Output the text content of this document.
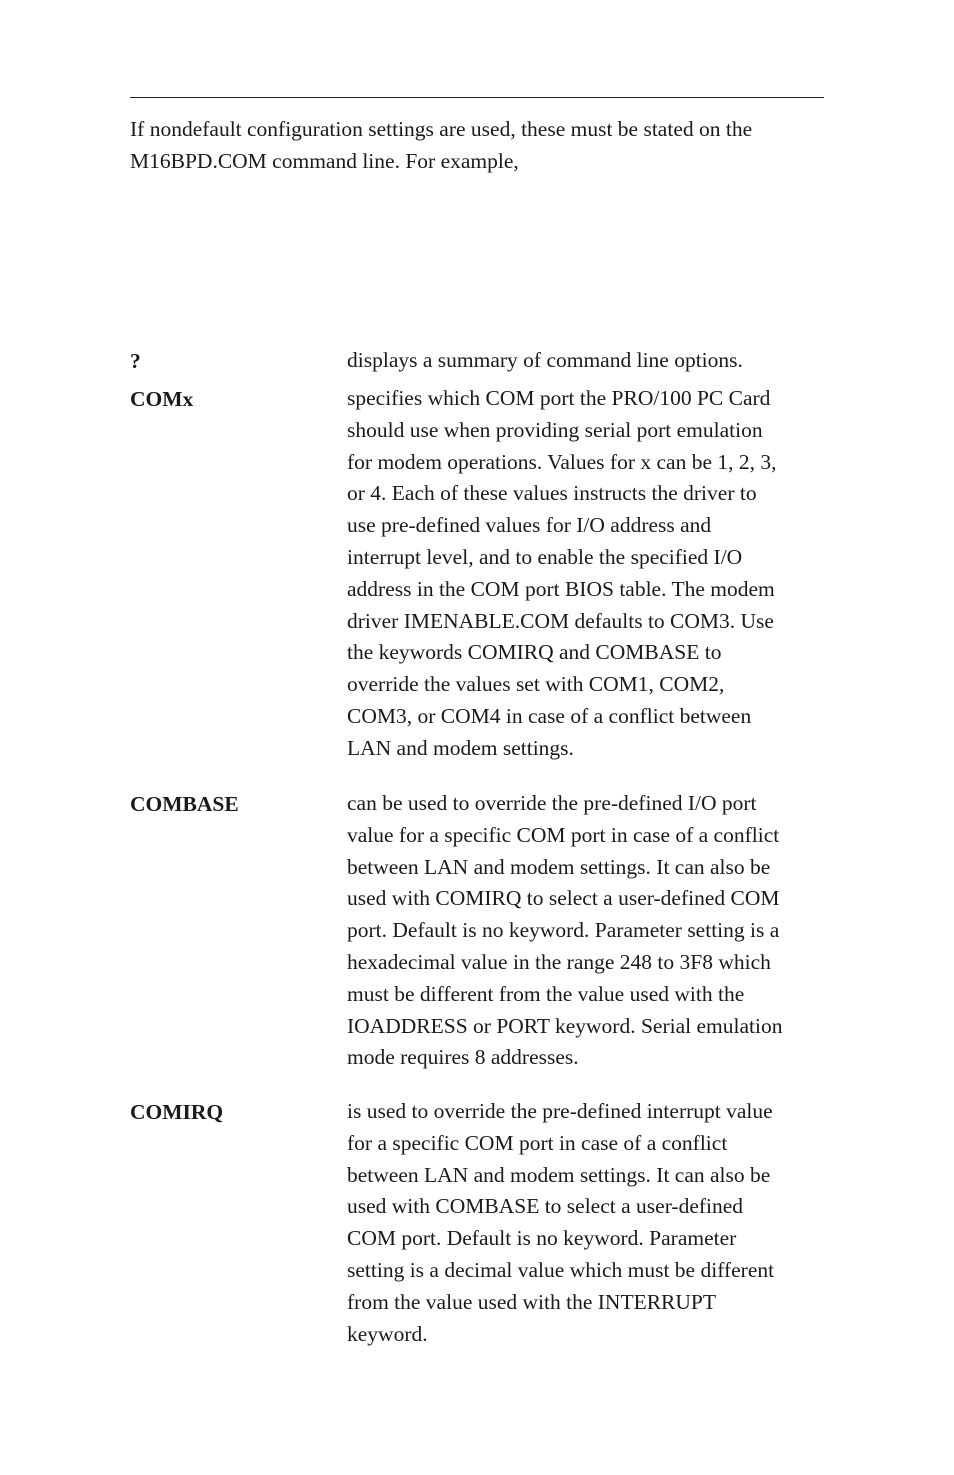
If nondefault configuration settings are used, these must be stated on the
M16BPD.COM command line. For example,

?	displays a summary of command line options.

COMx	specifies which COM port the PRO/100 PC Card
should use when providing serial port emulation
for modem operations. Values for x can be 1, 2, 3,
or 4. Each of these values instructs the driver to
use pre-defined values for I/O address and
interrupt level, and to enable the specified I/O
address in the COM port BIOS table. The modem
driver IMENABLE.COM defaults to COM3. Use
the keywords COMIRQ and COMBASE to
override the values set with COM1, COM2,
COM3, or COM4 in case of a conflict between
LAN and modem settings.

COMBASE	can be used to override the pre-defined I/O port
value for a specific COM port in case of a conflict
between LAN and modem settings. It can also be
used with COMIRQ to select a user-defined COM
port. Default is no keyword. Parameter setting is a
hexadecimal value in the range 248 to 3F8 which
must be different from the value used with the
IOADDRESS or PORT keyword. Serial emulation
mode requires 8 addresses.

COMIRQ	is used to override the pre-defined interrupt value
for a specific COM port in case of a conflict
between LAN and modem settings. It can also be
used with COMBASE to select a user-defined
COM port. Default is no keyword. Parameter
setting is a decimal value which must be different
from the value used with the INTERRUPT
keyword.
